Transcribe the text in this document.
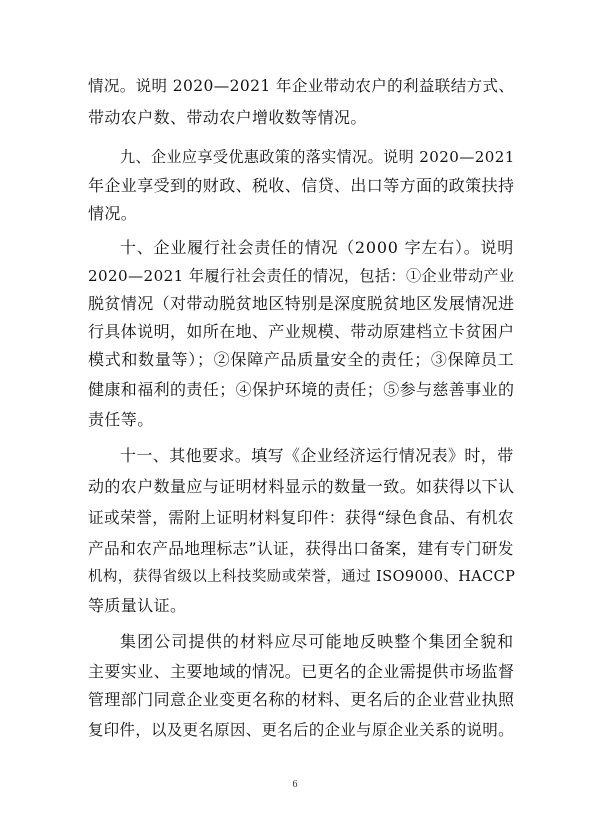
情况。说明 2020—2021 年企业带动农户的利益联结方式、
带动农户数、带动农户增收数等情况。
九、企业应享受优惠政策的落实情况。说明 2020—2021
年企业享受到的财政、税收、信贷、出口等方面的政策扶持
情况。
十、企业履行社会责任的情况（2000 字左右）。说明
2020—2021 年履行社会责任的情况，包括：①企业带动产业
脱贫情况（对带动脱贫地区特别是深度脱贫地区发展情况进
行具体说明，如所在地、产业规模、带动原建档立卡贫困户
模式和数量等）；②保障产品质量安全的责任；③保障员工
健康和福利的责任；④保护环境的责任；⑤参与慈善事业的
责任等。
十一、其他要求。填写《企业经济运行情况表》时，带
动的农户数量应与证明材料显示的数量一致。如获得以下认
证或荣誉，需附上证明材料复印件：获得“绿色食品、有机农
产品和农产品地理标志”认证，获得出口备案，建有专门研发
机构，获得省级以上科技奖励或荣誉，通过 ISO9000、HACCP
等质量认证。
集团公司提供的材料应尽可能地反映整个集团全貌和
主要实业、主要地域的情况。已更名的企业需提供市场监督
管理部门同意企业变更名称的材料、更名后的企业营业执照
复印件，以及更名原因、更名后的企业与原企业关系的说明。
6
